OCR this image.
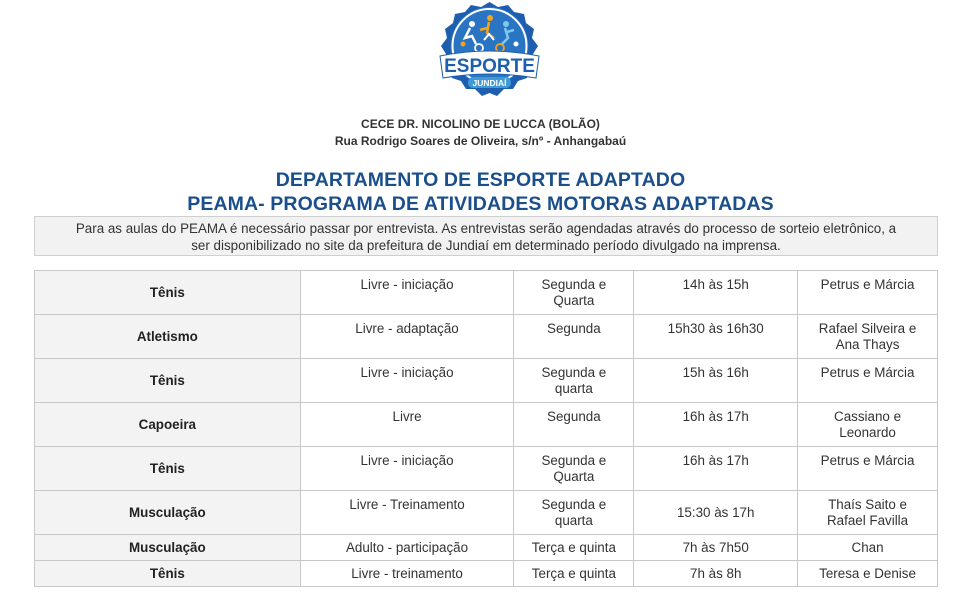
ESPORTE
JUNDIAÍ
CECE DR. NICOLINO DE LUCCA (BOLÃO)
Rua Rodrigo Soares de Oliveira, s/nº - Anhangabaú
DEPARTAMENTO DE ESPORTE ADAPTADO
PEAMA- PROGRAMA DE ATIVIDADES MOTORAS ADAPTADAS
Para as aulas do PEAMA é necessário passar por entrevista. As entrevistas serão agendadas através do processo de sorteio eletrônico, a
ser disponibilizado no site da prefeitura de Jundiaí em determinado período divulgado na imprensa.
Tênis	Livre - iniciação	Segunda e Quarta	14h às 15h	Petrus e Márcia
Atletismo	Livre - adaptação	Segunda	15h30 às 16h30	Rafael Silveira e Ana Thays
Tênis	Livre - iniciação	Segunda e quarta	15h às 16h	Petrus e Márcia
Capoeira	Livre	Segunda	16h às 17h	Cassiano e Leonardo
Tênis	Livre - iniciação	Segunda e Quarta	16h às 17h	Petrus e Márcia
Musculação	Livre - Treinamento	Segunda e quarta	15:30 às 17h	Thaís Saito e Rafael Favilla
Musculação	Adulto - participação	Terça e quinta	7h às 7h50	Chan
Tênis	Livre - treinamento	Terça e quinta	7h às 8h	Teresa e Denise
